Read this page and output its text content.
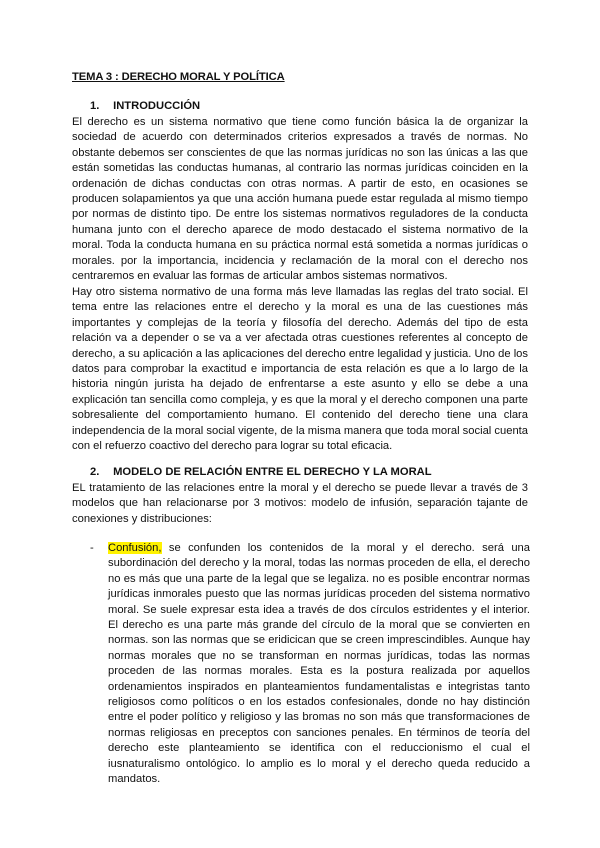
TEMA 3 : DERECHO MORAL Y POLÍTICA
1. INTRODUCCIÓN

El derecho es un sistema normativo que tiene como función básica la de organizar la sociedad de acuerdo con determinados criterios expresados a través de normas. No obstante debemos ser conscientes de que las normas jurídicas no son las únicas a las que están sometidas las conductas humanas, al contrario las normas jurídicas coinciden en la ordenación de dichas conductas con otras normas. A partir de esto, en ocasiones se producen solapamientos ya que una acción humana puede estar regulada al mismo tiempo por normas de distinto tipo. De entre los sistemas normativos reguladores de la conducta humana junto con el derecho aparece de modo destacado el sistema normativo de la moral. Toda la conducta humana en su práctica normal está sometida a normas jurídicas o morales. por la importancia, incidencia y reclamación de la moral con el derecho nos centraremos en evaluar las formas de articular ambos sistemas normativos.

Hay otro sistema normativo de una forma más leve llamadas las reglas del trato social. El tema entre las relaciones entre el derecho y la moral es una de las cuestiones más importantes y complejas de la teoría y filosofía del derecho. Además del tipo de esta relación va a depender o se va a ver afectada otras cuestiones referentes al concepto de derecho, a su aplicación a las aplicaciones del derecho entre legalidad y justicia. Uno de los datos para comprobar la exactitud e importancia de esta relación es que a lo largo de la historia ningún jurista ha dejado de enfrentarse a este asunto y ello se debe a una explicación tan sencilla como compleja, y es que la moral y el derecho componen una parte sobresaliente del comportamiento humano. El contenido del derecho tiene una clara independencia de la moral social vigente, de la misma manera que toda moral social cuenta con el refuerzo coactivo del derecho para lograr su total eficacia.

2. MODELO DE RELACIÓN ENTRE EL DERECHO Y LA MORAL

EL tratamiento de las relaciones entre la moral y el derecho se puede llevar a través de 3 modelos que han relacionarse por 3 motivos: modelo de infusión, separación tajante de conexiones y distribuciones:

- Confusión, se confunden los contenidos de la moral y el derecho. será una subordinación del derecho y la moral, todas las normas proceden de ella, el derecho no es más que una parte de la legal que se legaliza. no es posible encontrar normas jurídicas inmorales puesto que las normas jurídicas proceden del sistema normativo moral. Se suele expresar esta idea a través de dos círculos estridentes y el interior. El derecho es una parte más grande del círculo de la moral que se convierten en normas. son las normas que se eridicican que se creen imprescindibles. Aunque hay normas morales que no se transforman en normas jurídicas, todas las normas proceden de las normas morales. Esta es la postura realizada por aquellos ordenamientos inspirados en planteamientos fundamentalistas e integristas tanto religiosos como políticos o en los estados confesionales, donde no hay distinción entre el poder político y religioso y las bromas no son más que transformaciones de normas religiosas en preceptos con sanciones penales. En términos de teoría del derecho este planteamiento se identifica con el reduccionismo el cual el iusnaturalismo ontológico. lo amplio es lo moral y el derecho queda reducido a mandatos.
